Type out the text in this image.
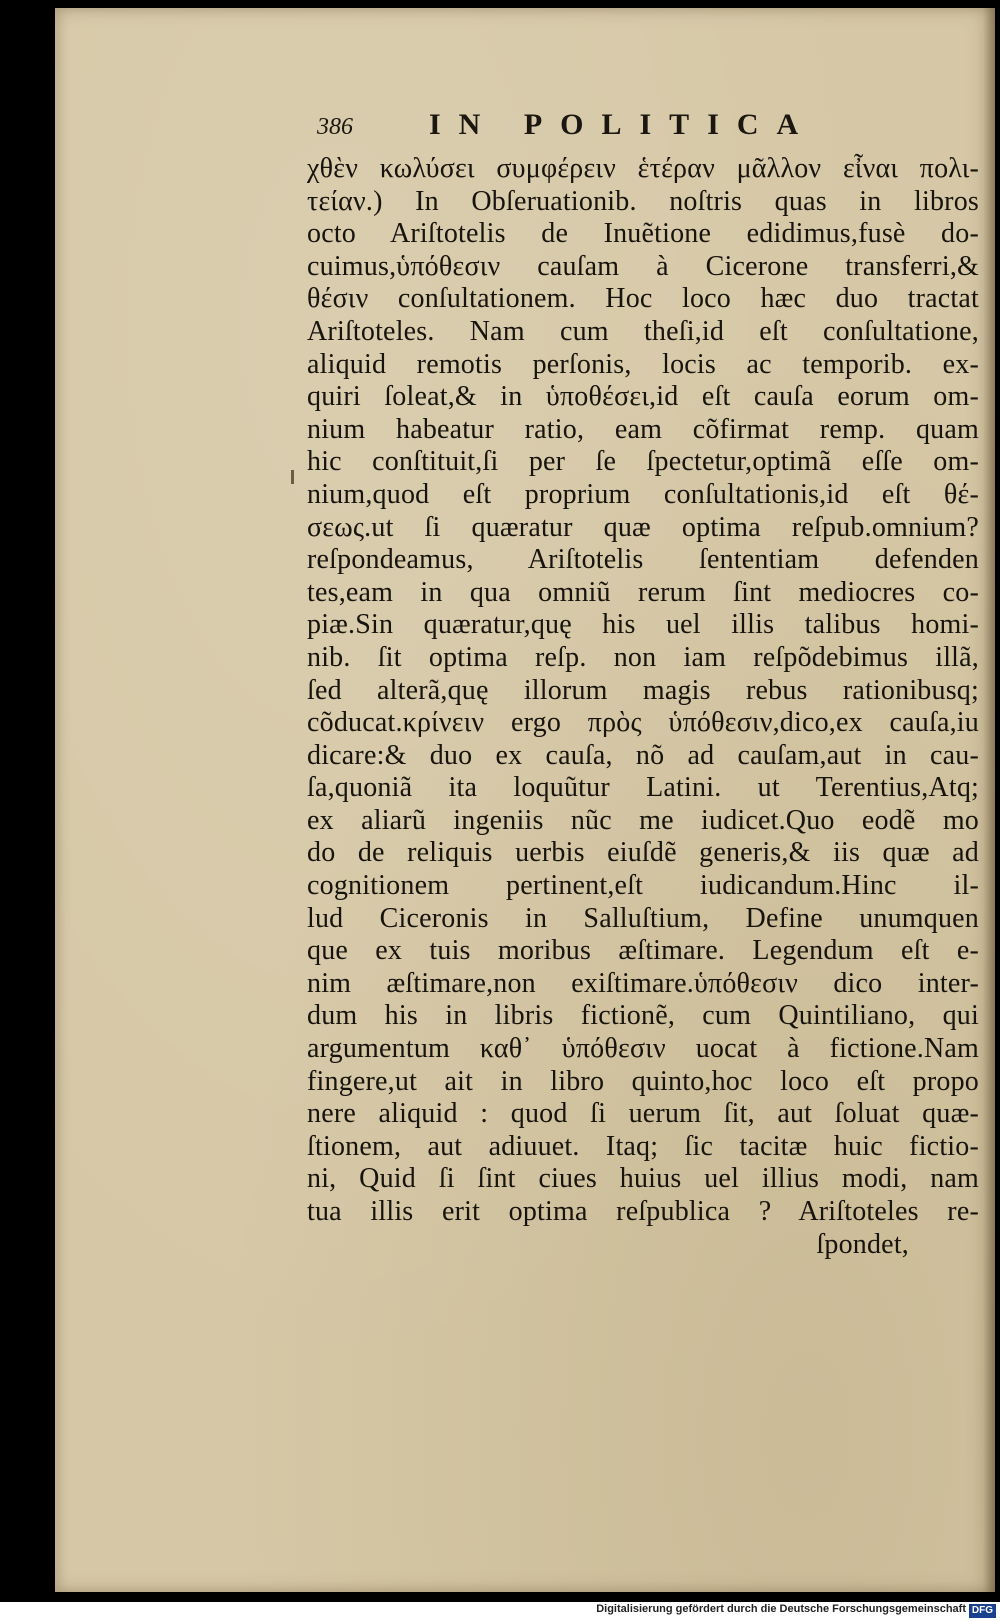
386	IN POLITICA
χθὲν κωλύσει συμφέρειν ἑτέραν μᾶλλον εἶναι πολι-
τείαν.) In Obſeruationib. noſtris quas in libros
octo Ariſtotelis de Inuẽtione edidimus,fusè do-
cuimus,ὑπόθεσιν cauſam à Cicerone transferri,&
θέσιν conſultationem. Hoc loco hæc duo tractat
Ariſtoteles. Nam cum theſi,id eſt conſultatione,
aliquid remotis perſonis, locis ac temporib. ex-
quiri ſoleat,& in ὑποθέσει,id eſt cauſa eorum om-
nium habeatur ratio, eam cõfirmat remp. quam
hic conſtituit,ſi per ſe ſpectetur,optimã eſſe om-
nium,quod eſt proprium conſultationis,id eſt θέ-
σεως.ut ſi quæratur quæ optima reſpub.omnium?
reſpondeamus, Ariſtotelis ſententiam defenden
tes,eam in qua omniũ rerum ſint mediocres co-
piæ.Sin quæratur,quę his uel illis talibus homi-
nib. ſit optima reſp. non iam reſpõdebimus illã,
ſed alterã,quę illorum magis rebus rationibusq;
cõducat.κρίνειν ergo πρὸς ὑπόθεσιν,dico,ex cauſa,iu
dicare:& duo ex cauſa, nõ ad cauſam,aut in cau-
ſa,quoniã ita loquũtur Latini. ut Terentius,Atq;
ex aliarũ ingeniis nũc me iudicet.Quo eodẽ mo
do de reliquis uerbis eiuſdẽ generis,& iis quæ ad
cognitionem pertinent,eſt iudicandum.Hinc il-
lud Ciceronis in Salluſtium, Define unumquen
que ex tuis moribus æſtimare. Legendum eſt e-
nim æſtimare,non exiſtimare.ὑπόθεσιν dico inter-
dum his in libris fictionẽ, cum Quintiliano, qui
argumentum καθ᾽ ὑπόθεσιν uocat à fictione.Nam
fingere,ut ait in libro quinto,hoc loco eſt propo
nere aliquid : quod ſi uerum ſit, aut ſoluat quæ-
ſtionem, aut adiuuet. Itaq; ſic tacitæ huic fictio-
ni, Quid ſi ſint ciues huius uel illius modi, nam
tua illis erit optima reſpublica ? Ariſtoteles re-
ſpondet,
Digitalisierung gefördert durch die Deutsche Forschungsgemeinschaft DFG
